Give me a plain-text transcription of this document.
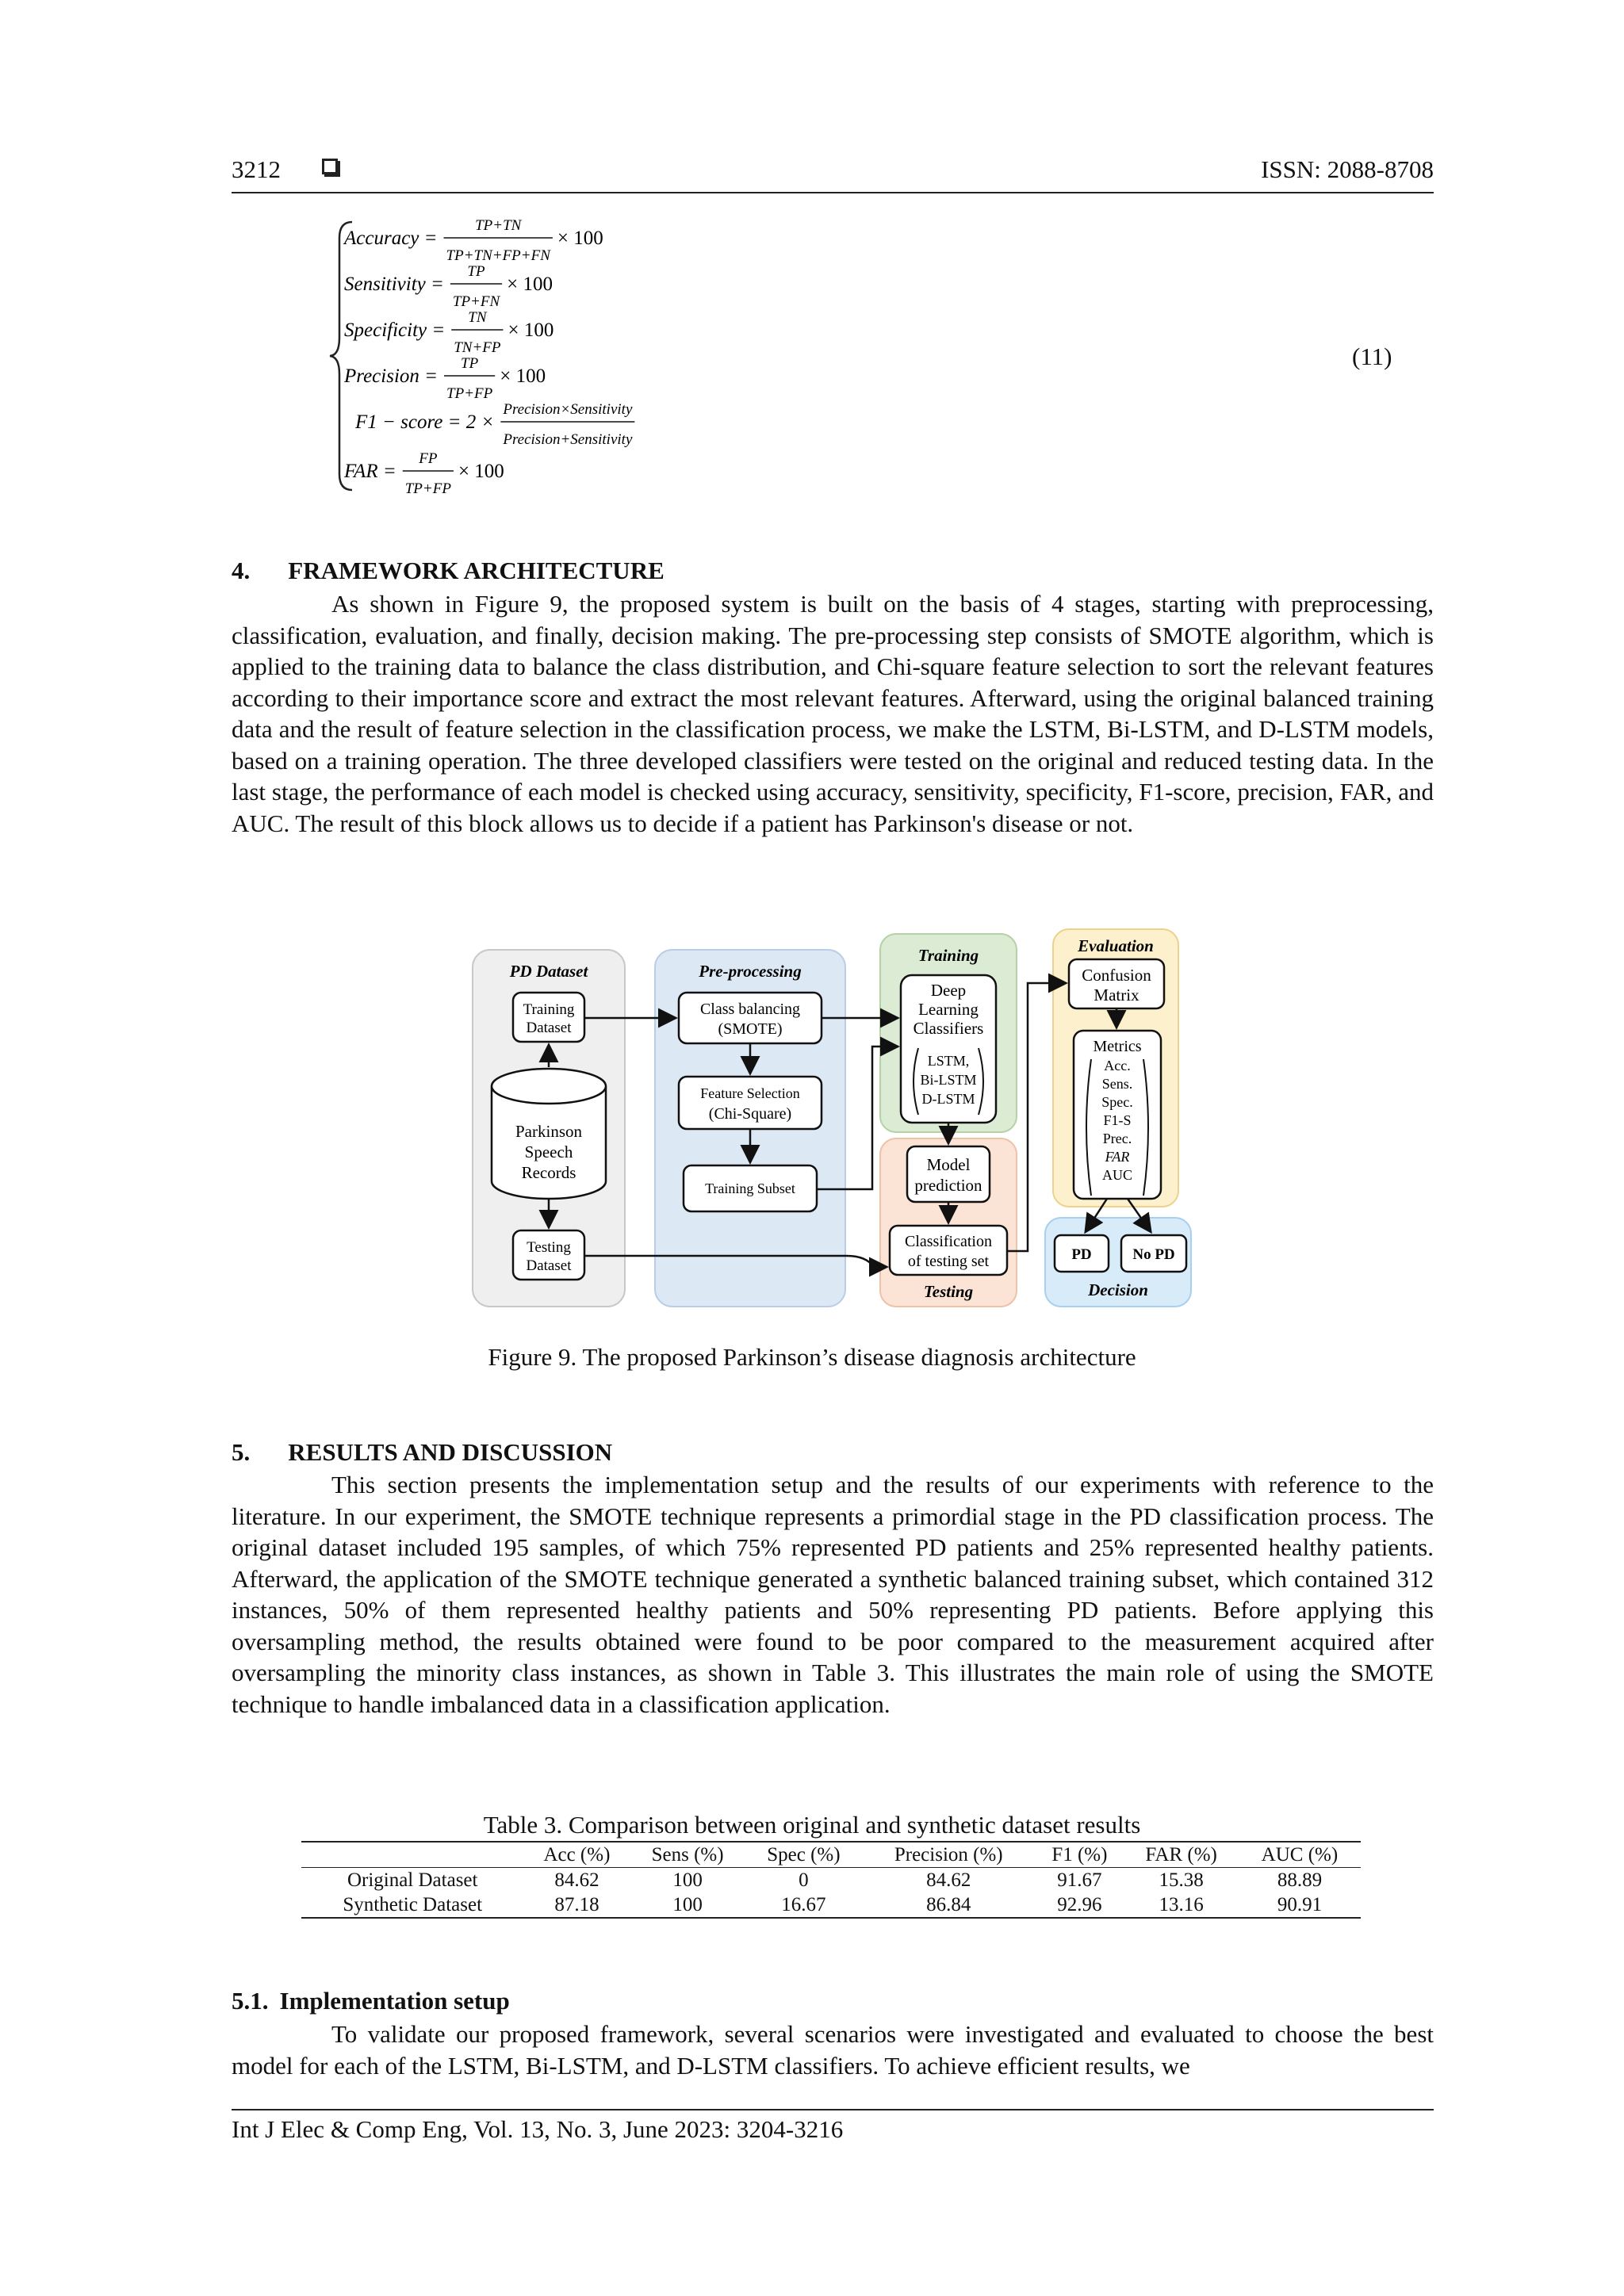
3212	ISSN: 2088-8708
Accuracy =
TP+TN
TP+TN+FP+FN
× 100
Sensitivity =
TP
TP+FN
× 100
Specificity =
TN
TN+FP
× 100
Precision =
TP
TP+FP
× 100
F1 − score = 2 ×
Precision×Sensitivity
Precision+Sensitivity
FAR =
FP
TP+FP
× 100
(11)
4. FRAMEWORK ARCHITECTURE
As shown in Figure 9, the proposed system is built on the basis of 4 stages, starting with preprocessing, classification, evaluation, and finally, decision making. The pre-processing step consists of SMOTE algorithm, which is applied to the training data to balance the class distribution, and Chi-square feature selection to sort the relevant features according to their importance score and extract the most relevant features. Afterward, using the original balanced training data and the result of feature selection in the classification process, we make the LSTM, Bi-LSTM, and D-LSTM models, based on a training operation. The three developed classifiers were tested on the original and reduced testing data. In the last stage, the performance of each model is checked using accuracy, sensitivity, specificity, F1-score, precision, FAR, and AUC. The result of this block allows us to decide if a patient has Parkinson's disease or not.
PD Dataset	Pre-processing
Training
Testing
Evaluation
Decision
Training
Dataset
Parkinson
Speech
Records
Testing
Dataset
Class balancing
(SMOTE)
Feature Selection
(Chi-Square)
Training Subset
Deep
Learning
Classifiers
LSTM,
Bi-LSTM
D-LSTM
Model
prediction
Classification
of testing set
Confusion
Matrix
Metrics
Acc.
Sens.
Spec.
F1-S
Prec.
FAR
AUC
PD	No PD
Figure 9. The proposed Parkinson’s disease diagnosis architecture
5. RESULTS AND DISCUSSION
This section presents the implementation setup and the results of our experiments with reference to the literature. In our experiment, the SMOTE technique represents a primordial stage in the PD classification process. The original dataset included 195 samples, of which 75% represented PD patients and 25% represented healthy patients. Afterward, the application of the SMOTE technique generated a synthetic balanced training subset, which contained 312 instances, 50% of them represented healthy patients and 50% representing PD patients. Before applying this oversampling method, the results obtained were found to be poor compared to the measurement acquired after oversampling the minority class instances, as shown in Table 3. This illustrates the main role of using the SMOTE technique to handle imbalanced data in a classification application.
Table 3. Comparison between original and synthetic dataset results
	Acc (%)	Sens (%)	Spec (%)	Precision (%)	F1 (%)	FAR (%)	AUC (%)
Original Dataset	84.62	100	0	84.62	91.67	15.38	88.89
Synthetic Dataset	87.18	100	16.67	86.84	92.96	13.16	90.91
5.1. Implementation setup
To validate our proposed framework, several scenarios were investigated and evaluated to choose the best model for each of the LSTM, Bi-LSTM, and D-LSTM classifiers. To achieve efficient results, we
Int J Elec & Comp Eng, Vol. 13, No. 3, June 2023: 3204-3216
